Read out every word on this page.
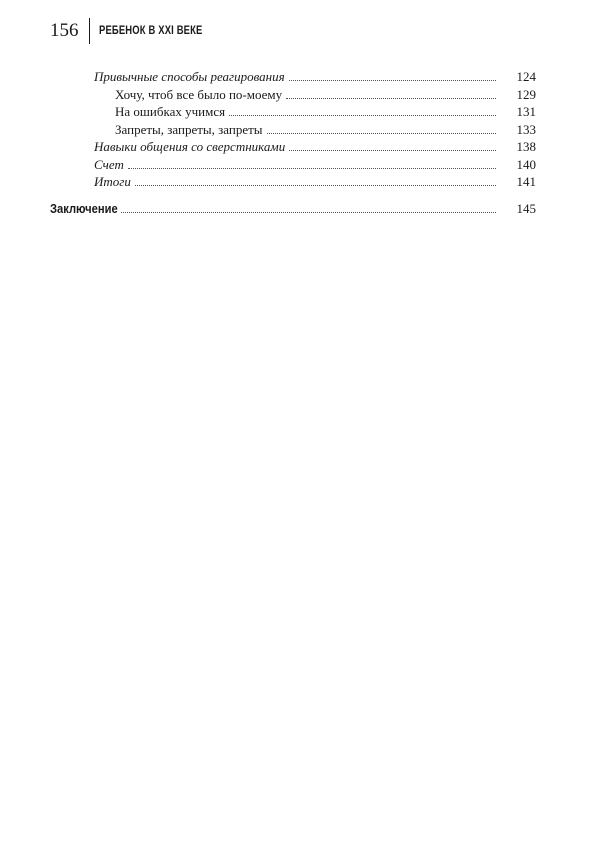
156	РЕБЕНОК В XXI ВЕКЕ
Привычные способы реагирования	124
Хочу, чтоб все было по-моему	129
На ошибках учимся	131
Запреты, запреты, запреты	133
Навыки общения со сверстниками	138
Счет	140
Итоги	141
Заключение	145
